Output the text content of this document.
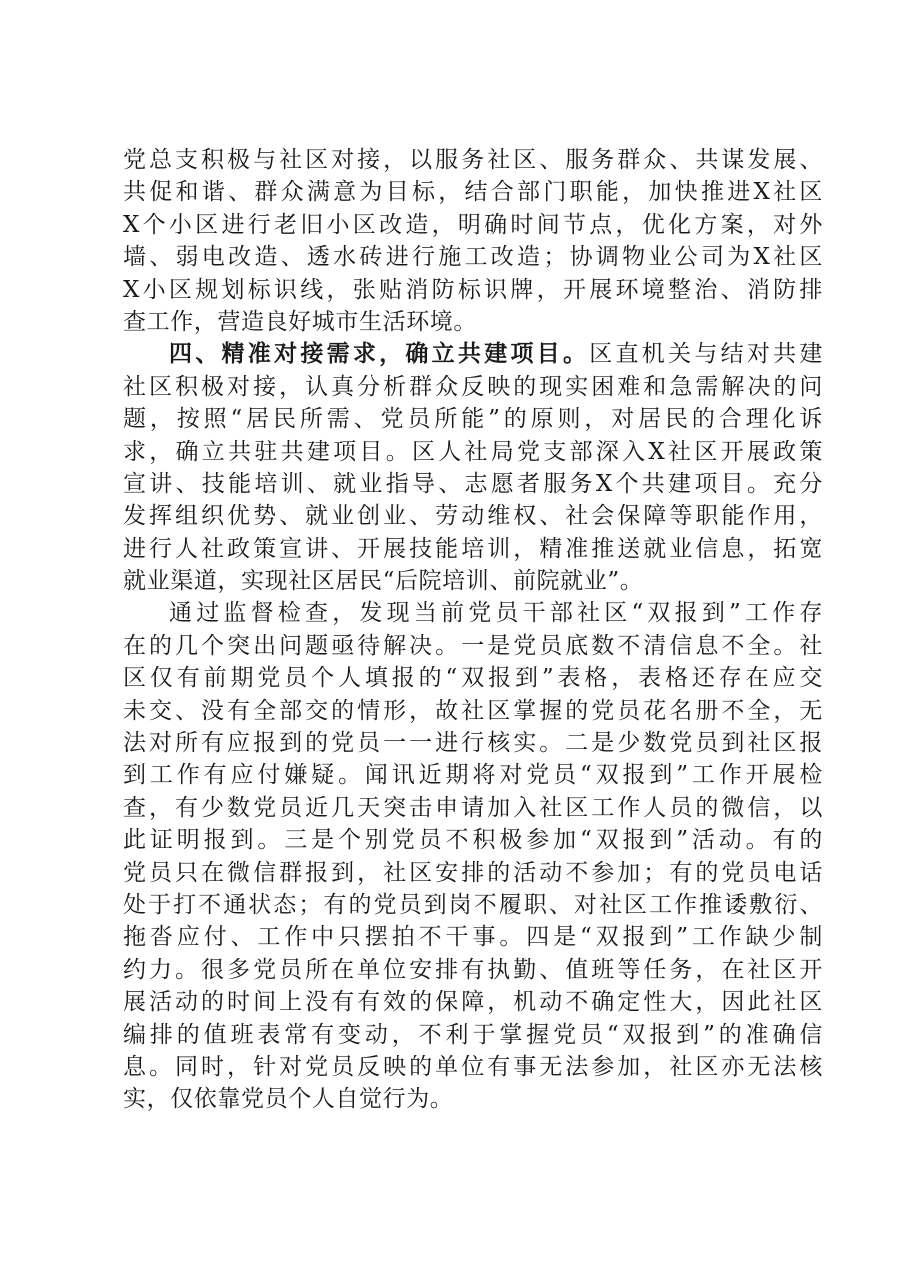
党总支积极与社区对接，以服务社区、服务群众、共谋发展、
共促和谐、群众满意为目标，结合部门职能，加快推进X社区
X个小区进行老旧小区改造，明确时间节点，优化方案，对外
墙、弱电改造、透水砖进行施工改造；协调物业公司为X社区
X小区规划标识线，张贴消防标识牌，开展环境整治、消防排
查工作，营造良好城市生活环境。
四、精准对接需求，确立共建项目。区直机关与结对共建
社区积极对接，认真分析群众反映的现实困难和急需解决的问
题，按照“居民所需、党员所能”的原则，对居民的合理化诉
求，确立共驻共建项目。区人社局党支部深入X社区开展政策
宣讲、技能培训、就业指导、志愿者服务X个共建项目。充分
发挥组织优势、就业创业、劳动维权、社会保障等职能作用，
进行人社政策宣讲、开展技能培训，精准推送就业信息，拓宽
就业渠道，实现社区居民“后院培训、前院就业”。
通过监督检查，发现当前党员干部社区“双报到”工作存
在的几个突出问题亟待解决。一是党员底数不清信息不全。社
区仅有前期党员个人填报的“双报到”表格，表格还存在应交
未交、没有全部交的情形，故社区掌握的党员花名册不全，无
法对所有应报到的党员一一进行核实。二是少数党员到社区报
到工作有应付嫌疑。闻讯近期将对党员“双报到”工作开展检
查，有少数党员近几天突击申请加入社区工作人员的微信，以
此证明报到。三是个别党员不积极参加“双报到”活动。有的
党员只在微信群报到，社区安排的活动不参加；有的党员电话
处于打不通状态；有的党员到岗不履职、对社区工作推诿敷衍、
拖沓应付、工作中只摆拍不干事。四是“双报到”工作缺少制
约力。很多党员所在单位安排有执勤、值班等任务，在社区开
展活动的时间上没有有效的保障，机动不确定性大，因此社区
编排的值班表常有变动，不利于掌握党员“双报到”的准确信
息。同时，针对党员反映的单位有事无法参加，社区亦无法核
实，仅依靠党员个人自觉行为。
